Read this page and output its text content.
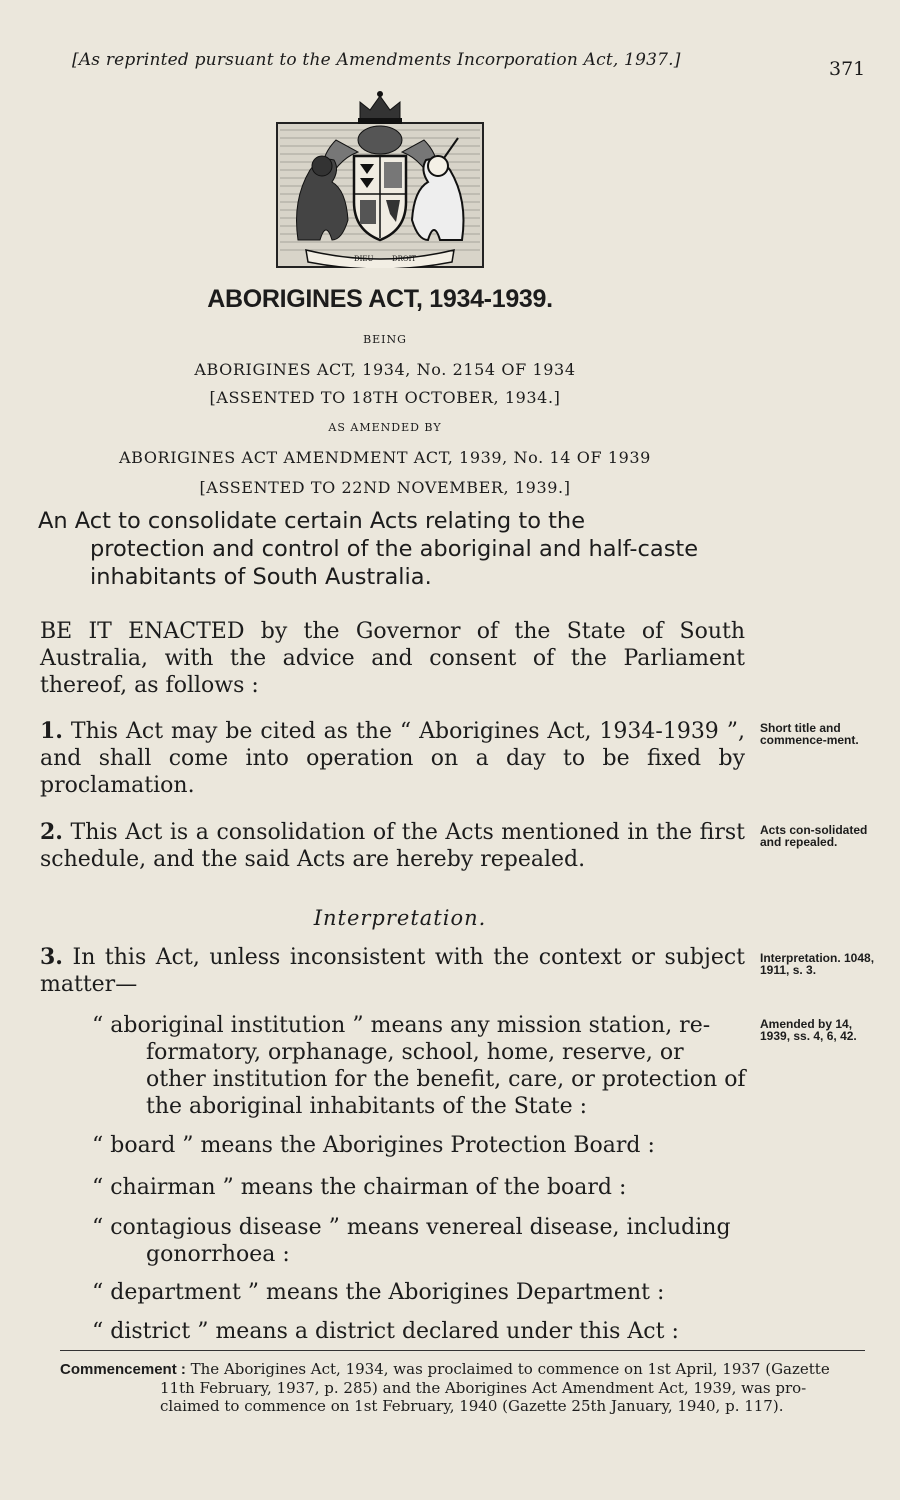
[As reprinted pursuant to the Amendments Incorporation Act, 1937.]	371
DIEU	DROIT
ABORIGINES ACT, 1934-1939.
BEING
ABORIGINES ACT, 1934, No. 2154 OF 1934
[ASSENTED TO 18TH OCTOBER, 1934.]
AS AMENDED BY
ABORIGINES ACT AMENDMENT ACT, 1939, No. 14 OF 1939
[ASSENTED TO 22ND NOVEMBER, 1939.]
An Act to consolidate certain Acts relating to the
protection and control of the aboriginal and half-caste
inhabitants of South Australia.
BE IT ENACTED by the Governor of the State of South Australia, with the advice and consent of the Parliament thereof, as follows :
1. This Act may be cited as the “ Aborigines Act, 1934-1939 ”, and shall come into operation on a day to be fixed by proclamation.
Short title and commence-ment.
2. This Act is a consolidation of the Acts mentioned in the first schedule, and the said Acts are hereby repealed.
Acts con-solidated and repealed.
Interpretation.
3. In this Act, unless inconsistent with the context or subject matter—
Interpretation. 1048, 1911, s. 3.
“ aboriginal institution ” means any mission station, re-
formatory, orphanage, school, home, reserve, or other institution for the benefit, care, or protection of the aboriginal inhabitants of the State :
Amended by 14, 1939, ss. 4, 6, 42.
“ board ” means the Aborigines Protection Board :
“ chairman ” means the chairman of the board :
“ contagious disease ” means venereal disease, including
gonorrhoea :
“ department ” means the Aborigines Department :
“ district ” means a district declared under this Act :
Commencement : The Aborigines Act, 1934, was proclaimed to commence on 1st April, 1937 (Gazette
11th February, 1937, p. 285) and the Aborigines Act Amendment Act, 1939, was pro-
claimed to commence on 1st February, 1940 (Gazette 25th January, 1940, p. 117).
